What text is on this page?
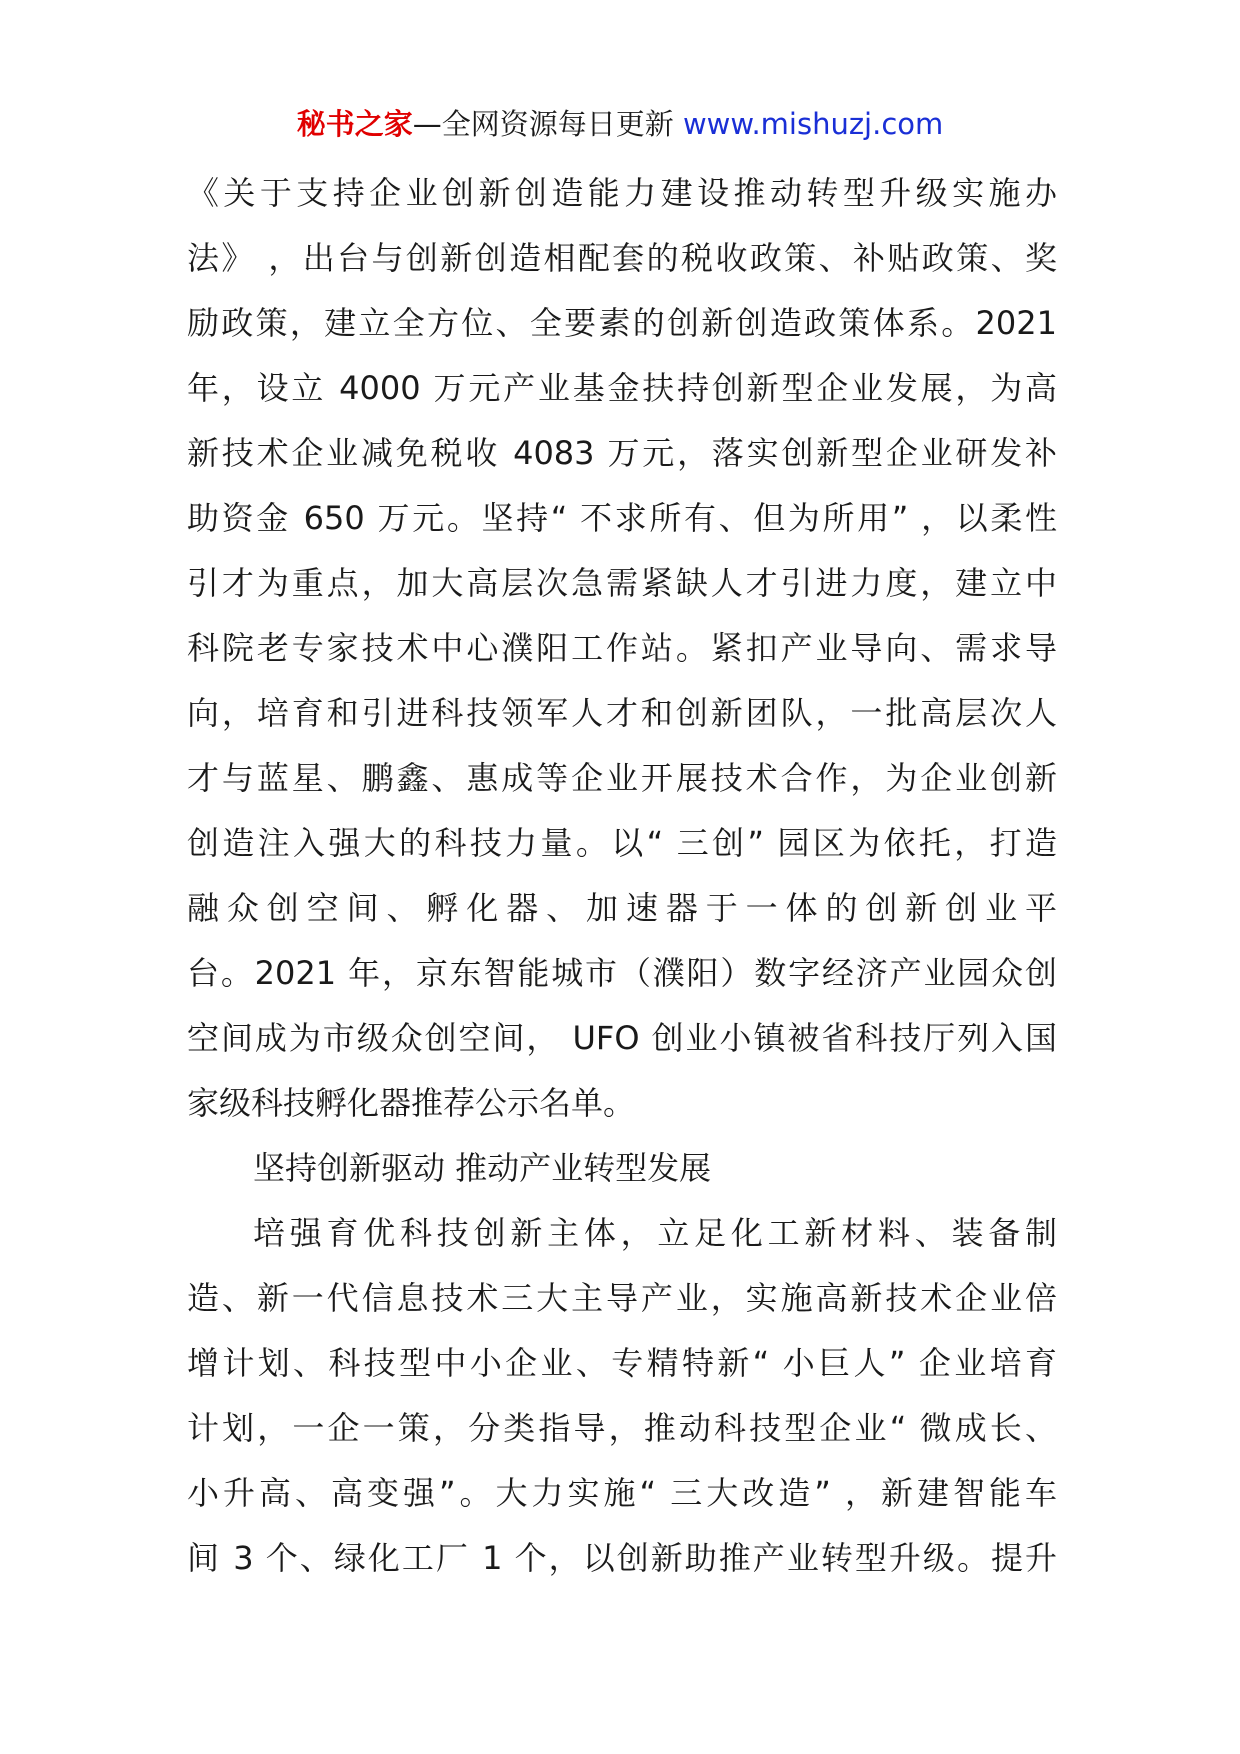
秘书之家—全网资源每日更新 www.mishuzj.com
《关于支持企业创新创造能力建设推动转型升级实施办
法》 ，出台与创新创造相配套的税收政策、补贴政策、奖
励政策，建立全方位、全要素的创新创造政策体系。2021
年，设立 4000 万元产业基金扶持创新型企业发展，为高
新技术企业减免税收 4083 万元，落实创新型企业研发补
助资金 650 万元。坚持“ 不求所有、但为所用” ，以柔性
引才为重点，加大高层次急需紧缺人才引进力度，建立中
科院老专家技术中心濮阳工作站。紧扣产业导向、需求导
向，培育和引进科技领军人才和创新团队，一批高层次人
才与蓝星、鹏鑫、惠成等企业开展技术合作，为企业创新
创造注入强大的科技力量。以“ 三创” 园区为依托，打造
融众创空间、孵化器、加速器于一体的创新创业平
台。2021 年，京东智能城市（濮阳）数字经济产业园众创
空间成为市级众创空间， UFO 创业小镇被省科技厅列入国
家级科技孵化器推荐公示名单。
坚持创新驱动 推动产业转型发展
培强育优科技创新主体，立足化工新材料、装备制
造、新一代信息技术三大主导产业，实施高新技术企业倍
增计划、科技型中小企业、专精特新“ 小巨人” 企业培育
计划，一企一策，分类指导，推动科技型企业“ 微成长、
小升高、高变强”。大力实施“ 三大改造” ，新建智能车
间 3 个、绿化工厂 1 个，以创新助推产业转型升级。提升
